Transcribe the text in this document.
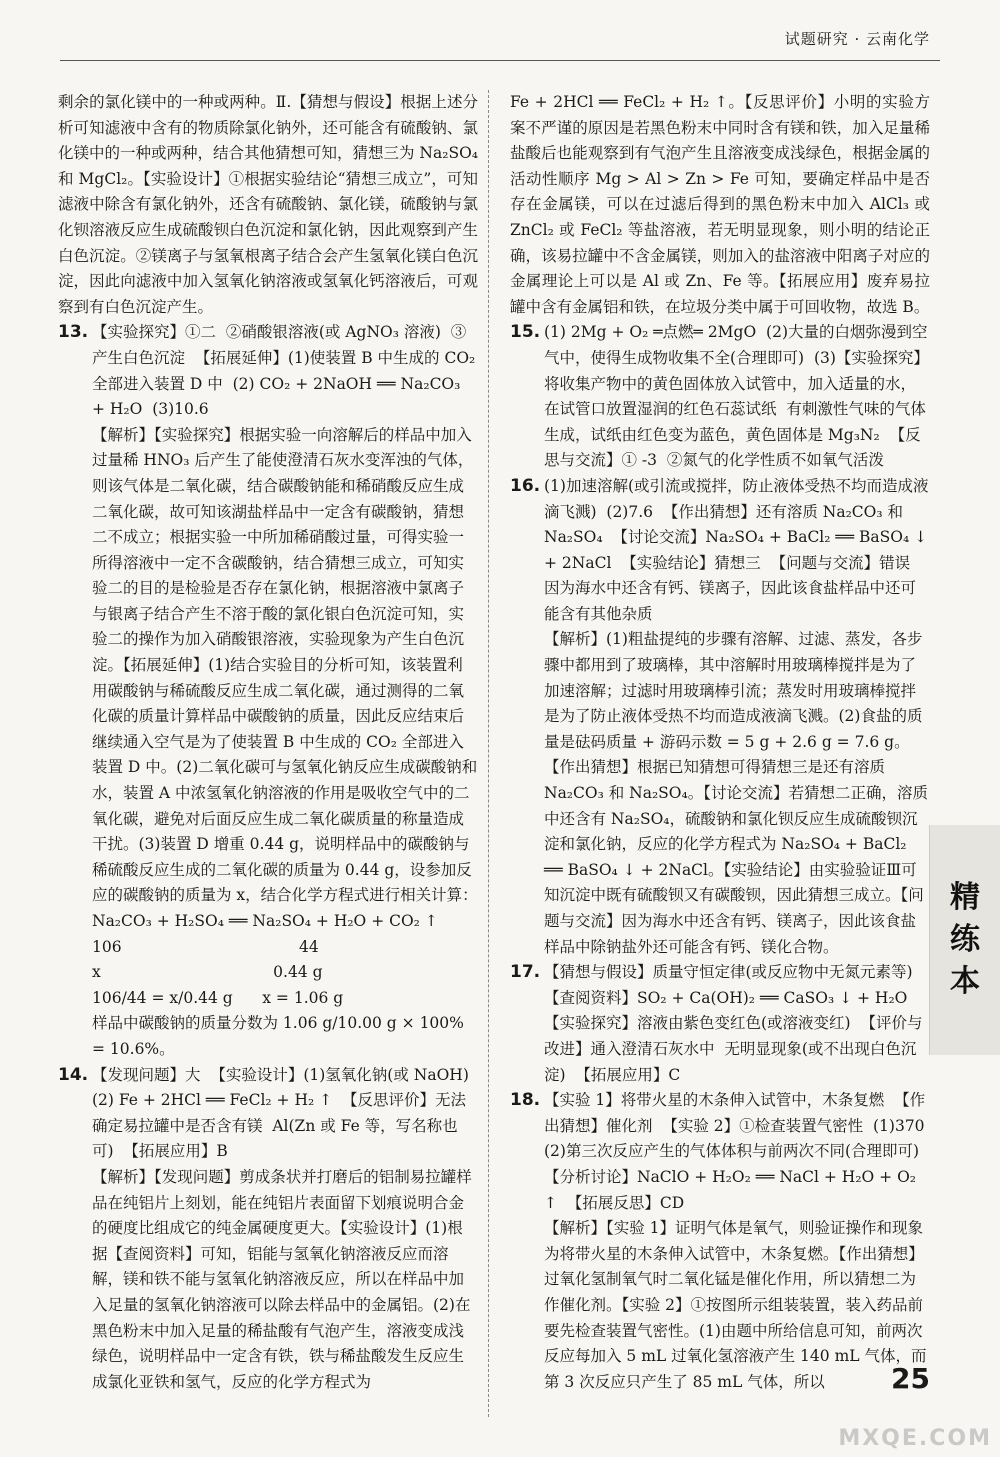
试题研究 · 云南化学

剩余的氯化镁中的一种或两种。Ⅱ.【猜想与假设】根据上述分析可知滤液中含有的物质除氯化钠外，还可能含有硫酸钠、氯化镁中的一种或两种，结合其他猜想可知，猜想三为 Na₂SO₄ 和 MgCl₂。【实验设计】①根据实验结论“猜想三成立”，可知滤液中除含有氯化钠外，还含有硫酸钠、氯化镁，硫酸钠与氯化钡溶液反应生成硫酸钡白色沉淀和氯化钠，因此观察到产生白色沉淀。②镁离子与氢氧根离子结合会产生氢氧化镁白色沉淀，因此向滤液中加入氢氧化钠溶液或氢氧化钙溶液后，可观察到有白色沉淀产生。

13. 【实验探究】①二  ②硝酸银溶液(或 AgNO₃ 溶液)  ③产生白色沉淀  【拓展延伸】(1)使装置 B 中生成的 CO₂ 全部进入装置 D 中  (2) CO₂ + 2NaOH ══ Na₂CO₃ + H₂O  (3)10.6
【解析】【实验探究】根据实验一向溶解后的样品中加入过量稀 HNO₃ 后产生了能使澄清石灰水变浑浊的气体，则该气体是二氧化碳，结合碳酸钠能和稀硝酸反应生成二氧化碳，故可知该湖盐样品中一定含有碳酸钠，猜想二不成立；根据实验一中所加稀硝酸过量，可得实验一所得溶液中一定不含碳酸钠，结合猜想三成立，可知实验二的目的是检验是否存在氯化钠，根据溶液中氯离子与银离子结合产生不溶于酸的氯化银白色沉淀可知，实验二的操作为加入硝酸银溶液，实验现象为产生白色沉淀。【拓展延伸】(1)结合实验目的分析可知，该装置利用碳酸钠与稀硫酸反应生成二氧化碳，通过测得的二氧化碳的质量计算样品中碳酸钠的质量，因此反应结束后继续通入空气是为了使装置 B 中生成的 CO₂ 全部进入装置 D 中。(2)二氧化碳可与氢氧化钠反应生成碳酸钠和水，装置 A 中浓氢氧化钠溶液的作用是吸收空气中的二氧化碳，避免对后面反应生成二氧化碳质量的称量造成干扰。(3)装置 D 增重 0.44 g，说明样品中的碳酸钠与稀硫酸反应生成的二氧化碳的质量为 0.44 g，设参加反应的碳酸钠的质量为 x，结合化学方程式进行相关计算：
Na₂CO₃ + H₂SO₄ ══ Na₂SO₄ + H₂O + CO₂ ↑
106                                    44
x                                   0.44 g
106/44 = x/0.44 g      x = 1.06 g
样品中碳酸钠的质量分数为 1.06 g/10.00 g × 100% = 10.6%。
14. 【发现问题】大  【实验设计】(1)氢氧化钠(或 NaOH)  (2) Fe + 2HCl ══ FeCl₂ + H₂ ↑  【反思评价】无法确定易拉罐中是否含有镁  Al(Zn 或 Fe 等，写名称也可)  【拓展应用】B
【解析】【发现问题】剪成条状并打磨后的铝制易拉罐样品在纯铝片上刻划，能在纯铝片表面留下划痕说明合金的硬度比组成它的纯金属硬度更大。【实验设计】(1)根据【查阅资料】可知，铝能与氢氧化钠溶液反应而溶解，镁和铁不能与氢氧化钠溶液反应，所以在样品中加入足量的氢氧化钠溶液可以除去样品中的金属铝。(2)在黑色粉末中加入足量的稀盐酸有气泡产生，溶液变成浅绿色，说明样品中一定含有铁，铁与稀盐酸发生反应生成氯化亚铁和氢气，反应的化学方程式为

Fe + 2HCl ══ FeCl₂ + H₂ ↑。【反思评价】小明的实验方案不严谨的原因是若黑色粉末中同时含有镁和铁，加入足量稀盐酸后也能观察到有气泡产生且溶液变成浅绿色，根据金属的活动性顺序 Mg > Al > Zn > Fe 可知，要确定样品中是否存在金属镁，可以在过滤后得到的黑色粉末中加入 AlCl₃ 或 ZnCl₂ 或 FeCl₂ 等盐溶液，若无明显现象，则小明的结论正确，该易拉罐中不含金属镁，则加入的盐溶液中阳离子对应的金属理论上可以是 Al 或 Zn、Fe 等。【拓展应用】废弃易拉罐中含有金属铝和铁，在垃圾分类中属于可回收物，故选 B。

15. (1) 2Mg + O₂ ═点燃═ 2MgO  (2)大量的白烟弥漫到空气中，使得生成物收集不全(合理即可)  (3)【实验探究】将收集产物中的黄色固体放入试管中，加入适量的水，在试管口放置湿润的红色石蕊试纸  有刺激性气味的气体生成，试纸由红色变为蓝色，黄色固体是 Mg₃N₂  【反思与交流】① -3  ②氮气的化学性质不如氧气活泼
16. (1)加速溶解(或引流或搅拌，防止液体受热不均而造成液滴飞溅)  (2)7.6  【作出猜想】还有溶质 Na₂CO₃ 和 Na₂SO₄  【讨论交流】Na₂SO₄ + BaCl₂ ══ BaSO₄ ↓ + 2NaCl  【实验结论】猜想三  【问题与交流】错误  因为海水中还含有钙、镁离子，因此该食盐样品中还可能含有其他杂质
【解析】(1)粗盐提纯的步骤有溶解、过滤、蒸发，各步骤中都用到了玻璃棒，其中溶解时用玻璃棒搅拌是为了加速溶解；过滤时用玻璃棒引流；蒸发时用玻璃棒搅拌是为了防止液体受热不均而造成液滴飞溅。(2)食盐的质量是砝码质量 + 游码示数 = 5 g + 2.6 g = 7.6 g。【作出猜想】根据已知猜想可得猜想三是还有溶质 Na₂CO₃ 和 Na₂SO₄。【讨论交流】若猜想二正确，溶质中还含有 Na₂SO₄，硫酸钠和氯化钡反应生成硫酸钡沉淀和氯化钠，反应的化学方程式为 Na₂SO₄ + BaCl₂ ══ BaSO₄ ↓ + 2NaCl。【实验结论】由实验验证Ⅲ可知沉淀中既有硫酸钡又有碳酸钡，因此猜想三成立。【问题与交流】因为海水中还含有钙、镁离子，因此该食盐样品中除钠盐外还可能含有钙、镁化合物。
17. 【猜想与假设】质量守恒定律(或反应物中无氮元素等)  【查阅资料】SO₂ + Ca(OH)₂ ══ CaSO₃ ↓ + H₂O  【实验探究】溶液由紫色变红色(或溶液变红)  【评价与改进】通入澄清石灰水中  无明显现象(或不出现白色沉淀)  【拓展应用】C
18. 【实验 1】将带火星的木条伸入试管中，木条复燃  【作出猜想】催化剂  【实验 2】①检查装置气密性  (1)370  (2)第三次反应产生的气体体积与前两次不同(合理即可)  【分析讨论】NaClO + H₂O₂ ══ NaCl + H₂O + O₂ ↑  【拓展反思】CD
【解析】【实验 1】证明气体是氧气，则验证操作和现象为将带火星的木条伸入试管中，木条复燃。【作出猜想】过氧化氢制氧气时二氧化锰是催化作用，所以猜想二为作催化剂。【实验 2】①按图所示组装装置，装入药品前要先检查装置气密性。(1)由题中所给信息可知，前两次反应每加入 5 mL 过氧化氢溶液产生 140 mL 气体，而第 3 次反应只产生了 85 mL 气体，所以
精
练
本
25
MXQE.COM
